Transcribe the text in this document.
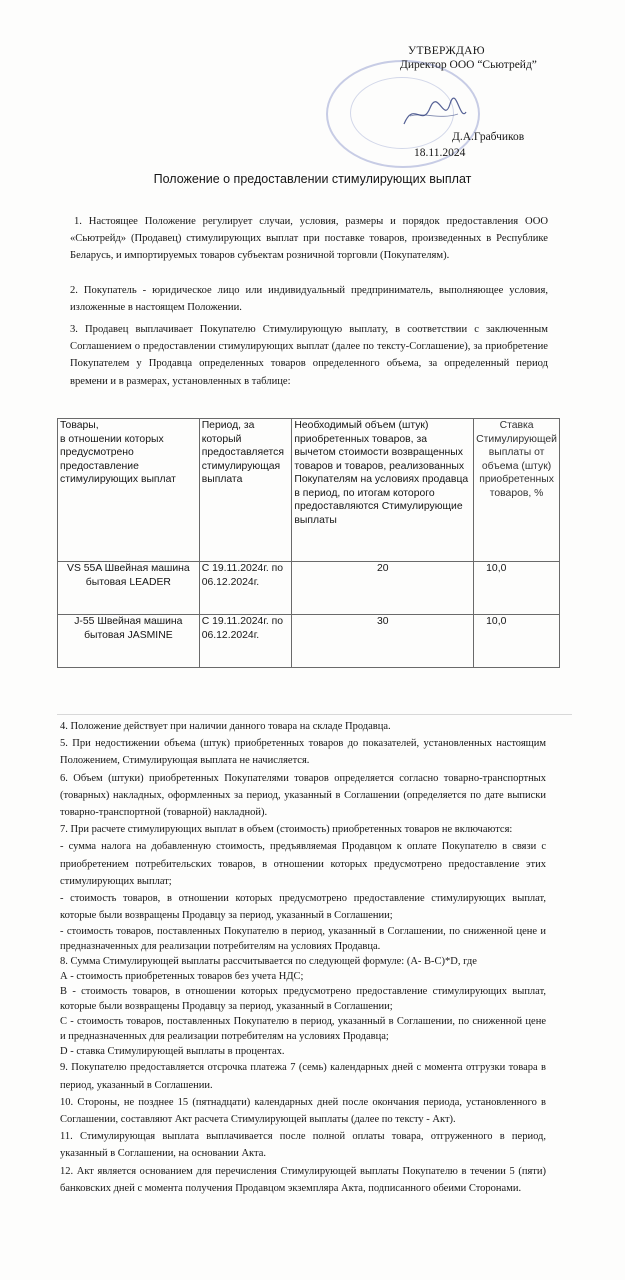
УТВЕРЖДАЮ
Директор ООО “Сьютрейд”
Д.А.Грабчиков
18.11.2024
Положение о предоставлении стимулирующих выплат
1. Настоящее Положение регулирует случаи, условия, размеры и порядок предоставления ООО «Сьютрейд» (Продавец) стимулирующих выплат при поставке товаров, произведенных в Республике Беларусь, и импортируемых товаров субъектам розничной торговли (Покупателям).
2. Покупатель - юридическое лицо или индивидуальный предприниматель, выполняющее условия, изложенные в настоящем Положении.
3. Продавец выплачивает Покупателю Стимулирующую выплату, в соответствии с заключенным Соглашением о предоставлении стимулирующих выплат (далее по тексту-Соглашение), за приобретение Покупателем у Продавца определенных товаров определенного объема, за определенный период времени и в размерах, установленных в таблице:
Товары,
в отношении которых предусмотрено предоставление стимулирующих выплат	Период, за который предоставляется стимулирующая выплата	Необходимый объем (штук) приобретенных товаров, за вычетом стоимости возвращенных товаров и товаров, реализованных Покупателям на условиях продавца в период, по итогам которого предоставляются Стимулирующие выплаты	Ставка Стимулирующей выплаты от объема (штук) приобретенных товаров, %

VS 55A Швейная машина бытовая LEADER	С 19.11.2024г. по 06.12.2024г.	20	10,0
J-55 Швейная машина бытовая JASMINE	С 19.11.2024г. по 06.12.2024г.	30	10,0

4. Положение действует при наличии данного товара на складе Продавца.

5. При недостижении объема (штук) приобретенных товаров до показателей, установленных настоящим Положением, Стимулирующая выплата не начисляется.

6. Объем (штуки) приобретенных Покупателями товаров определяется согласно товарно-транспортных (товарных) накладных, оформленных за период, указанный в Соглашении (определяется по дате выписки товарно-транспортной (товарной) накладной).

7. При расчете стимулирующих выплат в объем (стоимость) приобретенных товаров не включаются:

- сумма налога на добавленную стоимость, предъявляемая Продавцом к оплате Покупателю в связи с приобретением потребительских товаров, в отношении которых предусмотрено предоставление этих стимулирующих выплат;

- стоимость товаров, в отношении которых предусмотрено предоставление стимулирующих выплат, которые были возвращены Продавцу за период, указанный в Соглашении;

- стоимость товаров, поставленных Покупателю в период, указанный в Соглашении, по сниженной цене и предназначенных для реализации потребителям на условиях Продавца.

8. Сумма Стимулирующей выплаты рассчитывается по следующей формуле: (А- В-С)*D, где

А - стоимость приобретенных товаров без учета НДС;

В - стоимость товаров, в отношении которых предусмотрено предоставление стимулирующих выплат, которые были возвращены Продавцу за период, указанный в Соглашении;

С - стоимость товаров, поставленных Покупателю в период, указанный в Соглашении, по сниженной цене и предназначенных для реализации потребителям на условиях Продавца;

D - ставка Стимулирующей выплаты в процентах.

9. Покупателю предоставляется отсрочка платежа 7 (семь) календарных дней с момента отгрузки товара в период, указанный в Соглашении.

10. Стороны, не позднее 15 (пятнадцати) календарных дней после окончания периода, установленного в Соглашении, составляют Акт расчета Стимулирующей выплаты (далее по тексту - Акт).

11. Стимулирующая выплата выплачивается после полной оплаты товара, отгруженного в период, указанный в Соглашении, на основании Акта.

12. Акт является основанием для перечисления Стимулирующей выплаты Покупателю в течении 5 (пяти) банковских дней с момента получения Продавцом экземпляра Акта, подписанного обеими Сторонами.
